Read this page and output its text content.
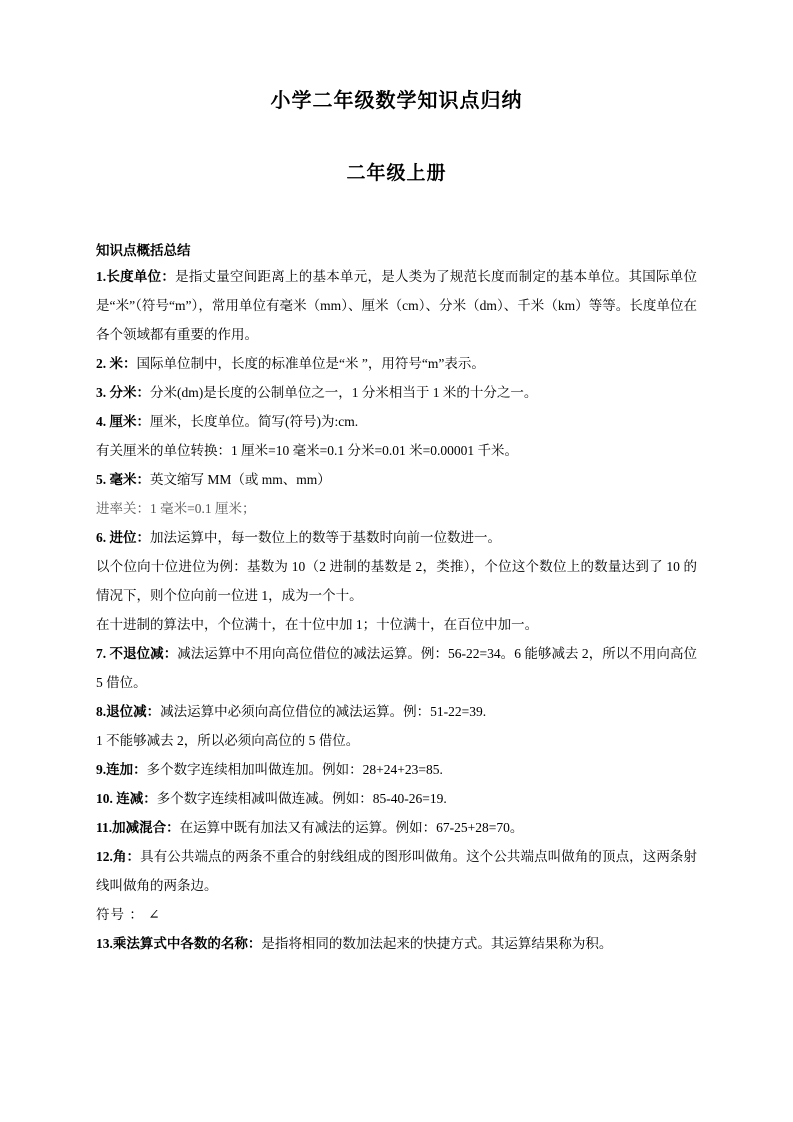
小学二年级数学知识点归纳
二年级上册
知识点概括总结

1.长度单位：是指丈量空间距离上的基本单元，是人类为了规范长度而制定的基本单位。其国际单位是“米”（符号“m”），常用单位有毫米（mm）、厘米（cm）、分米（dm）、千米（km）等等。长度单位在各个领域都有重要的作用。

2. 米：国际单位制中，长度的标准单位是“米 ”，用符号“m”表示。

3. 分米：分米(dm)是长度的公制单位之一，1 分米相当于 1 米的十分之一。

4. 厘米：厘米，长度单位。简写(符号)为:cm.

有关厘米的单位转换：1 厘米=10 毫米=0.1 分米=0.01 米=0.00001 千米。

5. 毫米：英文缩写 MM（或 mm、mm）

进率关：1 毫米=0.1 厘米；

6. 进位：加法运算中，每一数位上的数等于基数时向前一位数进一。

以个位向十位进位为例：基数为 10（2 进制的基数是 2，类推），个位这个数位上的数量达到了 10 的情况下，则个位向前一位进 1，成为一个十。

在十进制的算法中，个位满十，在十位中加 1；十位满十，在百位中加一。

7. 不退位减：减法运算中不用向高位借位的减法运算。例：56-22=34。6 能够减去 2，所以不用向高位 5 借位。

8.退位减：减法运算中必须向高位借位的减法运算。例：51-22=39.

1 不能够减去 2，所以必须向高位的 5 借位。

9.连加：多个数字连续相加叫做连加。例如：28+24+23=85.

10. 连减：多个数字连续相减叫做连减。例如：85-40-26=19.

11.加减混合：在运算中既有加法又有减法的运算。例如：67-25+28=70。

12.角：具有公共端点的两条不重合的射线组成的图形叫做角。这个公共端点叫做角的顶点，这两条射线叫做角的两条边。

符号 ： ∠

13.乘法算式中各数的名称：是指将相同的数加法起来的快捷方式。其运算结果称为积。
